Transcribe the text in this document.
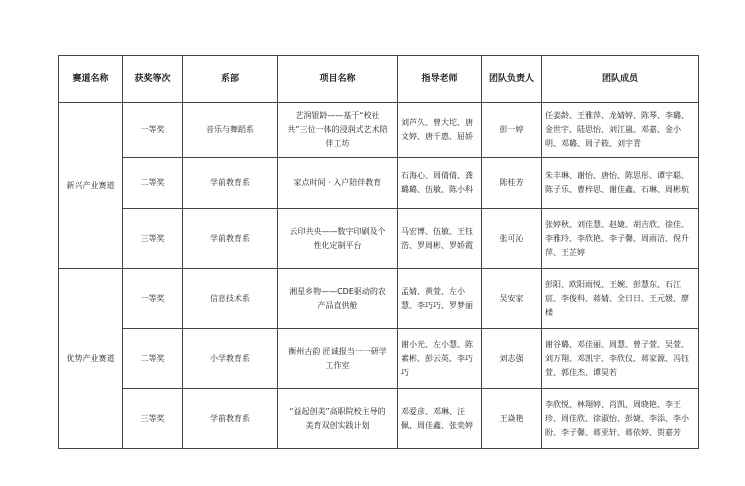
赛道名称	获奖等次	系部	项目名称	指导老师	团队负责人	团队成员
新兴产业赛道	一等奖	音乐与舞蹈系	艺润银龄——基于“校社共”三位一体的浸润式艺术陪伴工坊	刘芦久、曾大坨、唐文婷、唐千惠、屈娇	彭一婷	任姜龄、王雅萍、龙婧婷、陈琴、李璐、金世宇、陆思怡、刘江嵐、邓嘉、金小明、邓璐、周子筱、刘宇青
	二等奖	学前教育系	家点时间 · 入户陪伴教育	石海心、周倩倩、龚璐璐、伍敏、陈小科	陈桂芳	朱丰琳、谢怡、唐怡、陈思彤、谭宇聪、陈子乐、曹梓思、谢佳鑫、石琳、周彬航
	三等奖	学前教育系	云印共央——数字印刷及个性化定制平台	马宏博、伍敏、王钰浩、罗周彬、罗娇霞	张可沁	张婷秋、刘佳慧、赵婕、胡吉欣、徐佳、李雅玲、李欣艳、李子馨、周雨洁、倪升萍、王芷婷
优势产业赛道	一等奖	信息技术系	湘星乡物——CDE驱动的农产品直供舱	孟婧、黄萱、左小慧、李巧巧、罗梦丽	吴安家	彭阳、欧阳雨悦、王婉、彭慧东、石江宸、李俊科、蒋婧、全日日、王元媛、廖楼
	二等奖	小学教育系	衡州古韵 匠诚报当一一研学工作室	谢小光、左小慧、陈素彬、彭云英、李巧巧	刘志强	谢谷璐、邓佳丽、周慧、曾子萱、吴萱、刘万翔、邓凯宇、李欣仪、蒋家源、冯钰萱、郭佳杰、谭昊若
	三等奖	学前教育系	“益起创美”高职院校主导的美育双创实践计划	邓爱彦、邓琳、汪佩、周佳鑫、张奕婷	王焱艳	李欣悦、林翔婷、肖凯、周晓艳、李王珍、周佳欣、徐淑怡、彭婕、李添、李小盼、李子馨、蒋亚轩、蒋依婷、贺嘉芳
